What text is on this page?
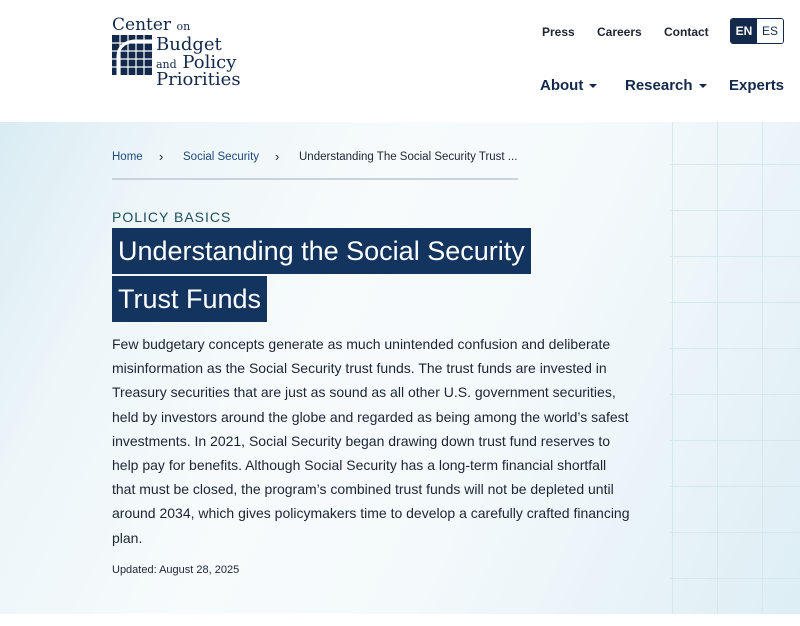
Center on
Budget
and Policy
Priorities
Press Careers Contact	EN ES
About	Research Experts
Home › Social Security › Understanding The Social Security Trust ...
POLICY BASICS
Understanding the Social Security
Trust Funds

Few budgetary concepts generate as much unintended confusion and deliberate misinformation as the Social Security trust funds. The trust funds are invested in Treasury securities that are just as sound as all other U.S. government securities, held by investors around the globe and regarded as being among the world’s safest investments. In 2021, Social Security began drawing down trust fund reserves to help pay for benefits. Although Social Security has a long-term financial shortfall that must be closed, the program’s combined trust funds will not be depleted until around 2034, which gives policymakers time to develop a carefully crafted financing plan.

Updated: August 28, 2025
